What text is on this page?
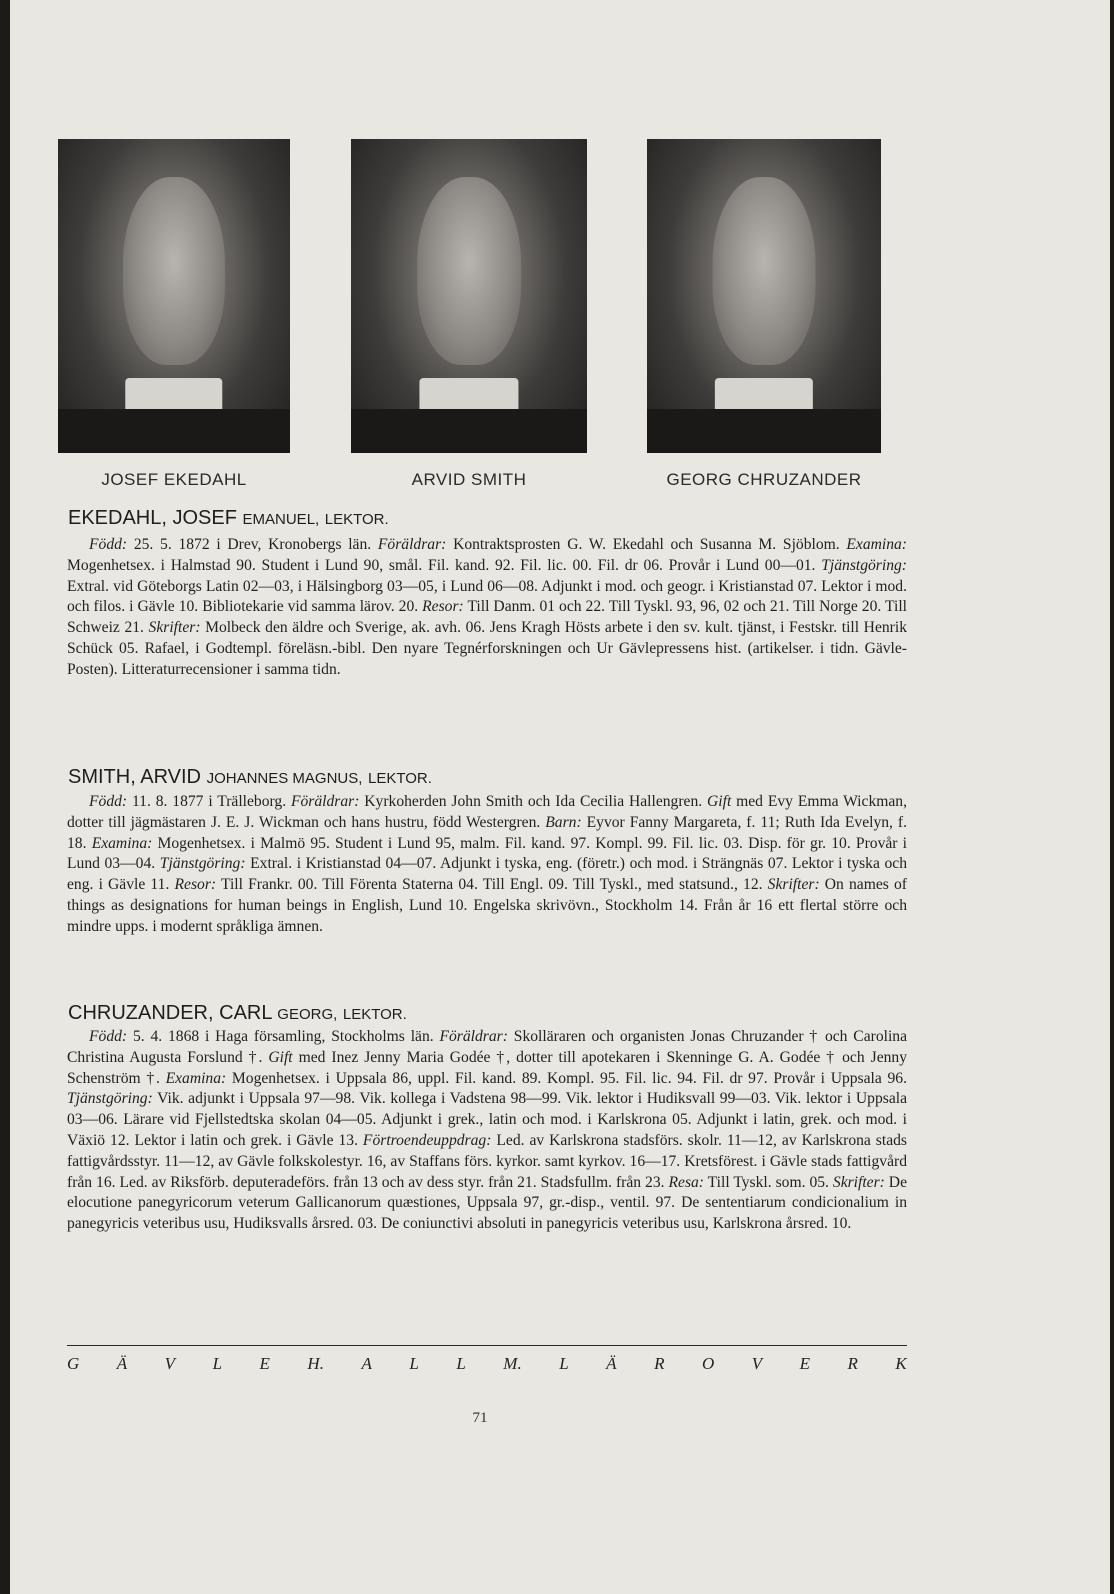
JOSEF EKEDAHL	ARVID SMITH	GEORG CHRUZANDER
EKEDAHL, JOSEF EMANUEL, LEKTOR.

Född: 25. 5. 1872 i Drev, Kronobergs län. Föräldrar: Kontraktsprosten G. W. Ekedahl och Susanna M. Sjöblom. Examina: Mogenhetsex. i Halmstad 90. Student i Lund 90, smål. Fil. kand. 92. Fil. lic. 00. Fil. dr 06. Provår i Lund 00—01. Tjänstgöring: Extral. vid Göteborgs Latin 02—03, i Hälsingborg 03—05, i Lund 06—08. Adjunkt i mod. och geogr. i Kristianstad 07. Lektor i mod. och filos. i Gävle 10. Bibliotekarie vid samma lärov. 20. Resor: Till Danm. 01 och 22. Till Tyskl. 93, 96, 02 och 21. Till Norge 20. Till Schweiz 21. Skrifter: Molbeck den äldre och Sverige, ak. avh. 06. Jens Kragh Hösts arbete i den sv. kult. tjänst, i Festskr. till Henrik Schück 05. Rafael, i Godtempl. föreläsn.-bibl. Den nyare Tegnérforskningen och Ur Gävlepressens hist. (artikelser. i tidn. Gävle-Posten). Litteraturrecensioner i samma tidn.

SMITH, ARVID JOHANNES MAGNUS, LEKTOR.

Född: 11. 8. 1877 i Trälleborg. Föräldrar: Kyrkoherden John Smith och Ida Cecilia Hallengren. Gift med Evy Emma Wickman, dotter till jägmästaren J. E. J. Wickman och hans hustru, född Westergren. Barn: Eyvor Fanny Margareta, f. 11; Ruth Ida Evelyn, f. 18. Examina: Mogenhetsex. i Malmö 95. Student i Lund 95, malm. Fil. kand. 97. Kompl. 99. Fil. lic. 03. Disp. för gr. 10. Provår i Lund 03—04. Tjänstgöring: Extral. i Kristianstad 04—07. Adjunkt i tyska, eng. (företr.) och mod. i Strängnäs 07. Lektor i tyska och eng. i Gävle 11. Resor: Till Frankr. 00. Till Förenta Staterna 04. Till Engl. 09. Till Tyskl., med statsund., 12. Skrifter: On names of things as designations for human beings in English, Lund 10. Engelska skrivövn., Stockholm 14. Från år 16 ett flertal större och mindre upps. i modernt språkliga ämnen.

CHRUZANDER, CARL GEORG, LEKTOR.

Född: 5. 4. 1868 i Haga församling, Stockholms län. Föräldrar: Skolläraren och organisten Jonas Chruzander † och Carolina Christina Augusta Forslund †. Gift med Inez Jenny Maria Godée †, dotter till apotekaren i Skenninge G. A. Godée † och Jenny Schenström †. Examina: Mogenhetsex. i Uppsala 86, uppl. Fil. kand. 89. Kompl. 95. Fil. lic. 94. Fil. dr 97. Provår i Uppsala 96. Tjänstgöring: Vik. adjunkt i Uppsala 97—98. Vik. kollega i Vadstena 98—99. Vik. lektor i Hudiksvall 99—03. Vik. lektor i Uppsala 03—06. Lärare vid Fjellstedtska skolan 04—05. Adjunkt i grek., latin och mod. i Karlskrona 05. Adjunkt i latin, grek. och mod. i Växiö 12. Lektor i latin och grek. i Gävle 13. Förtroendeuppdrag: Led. av Karlskrona stadsförs. skolr. 11—12, av Karlskrona stads fattigvårdsstyr. 11—12, av Gävle folkskolestyr. 16, av Staffans förs. kyrkor. samt kyrkov. 16—17. Kretsförest. i Gävle stads fattigvård från 16. Led. av Riksförb. deputeradeförs. från 13 och av dess styr. från 21. Stadsfullm. från 23. Resa: Till Tyskl. som. 05. Skrifter: De elocutione panegyricorum veterum Gallicanorum quæstiones, Uppsala 97, gr.-disp., ventil. 97. De sententiarum condicionalium in panegyricis veteribus usu, Hudiksvalls årsred. 03. De coniunctivi absoluti in panegyricis veteribus usu, Karlskrona årsred. 10.

G Ä V L E H. A L L M. L Ä R O V E R K
71
